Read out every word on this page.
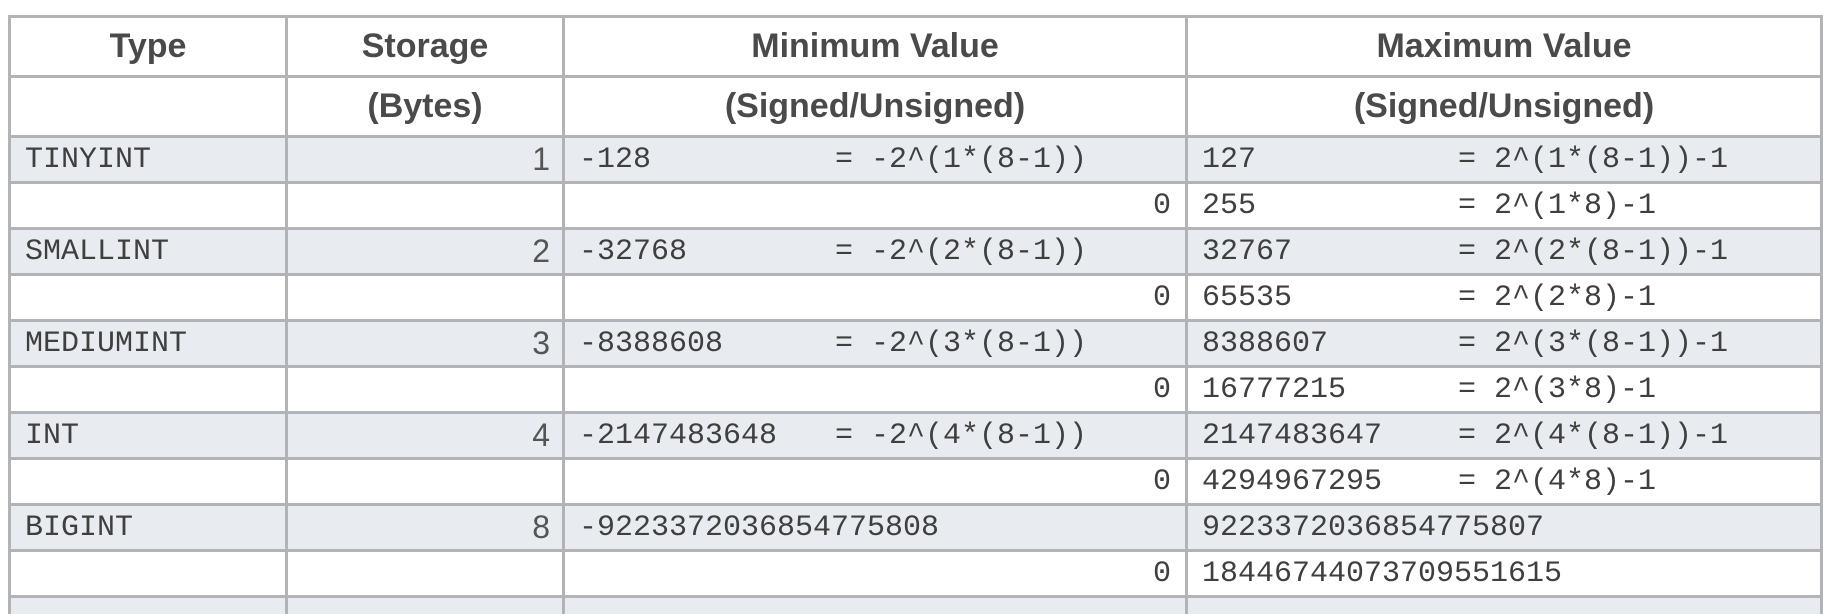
Type	Storage	Minimum Value	Maximum Value
	(Bytes)	(Signed/Unsigned)	(Signed/Unsigned)
TINYINT	1	-128 = -2^(1*(8-1))	127 = 2^(1*(8-1))-1
		0	255 = 2^(1*8)-1
SMALLINT	2	-32768 = -2^(2*(8-1))	32767 = 2^(2*(8-1))-1
		0	65535 = 2^(2*8)-1
MEDIUMINT	3	-8388608 = -2^(3*(8-1))	8388607 = 2^(3*(8-1))-1
		0	16777215 = 2^(3*8)-1
INT	4	-2147483648 = -2^(4*(8-1))	2147483647 = 2^(4*(8-1))-1
		0	4294967295 = 2^(4*8)-1
BIGINT	8	-9223372036854775808	9223372036854775807
		0	18446744073709551615
